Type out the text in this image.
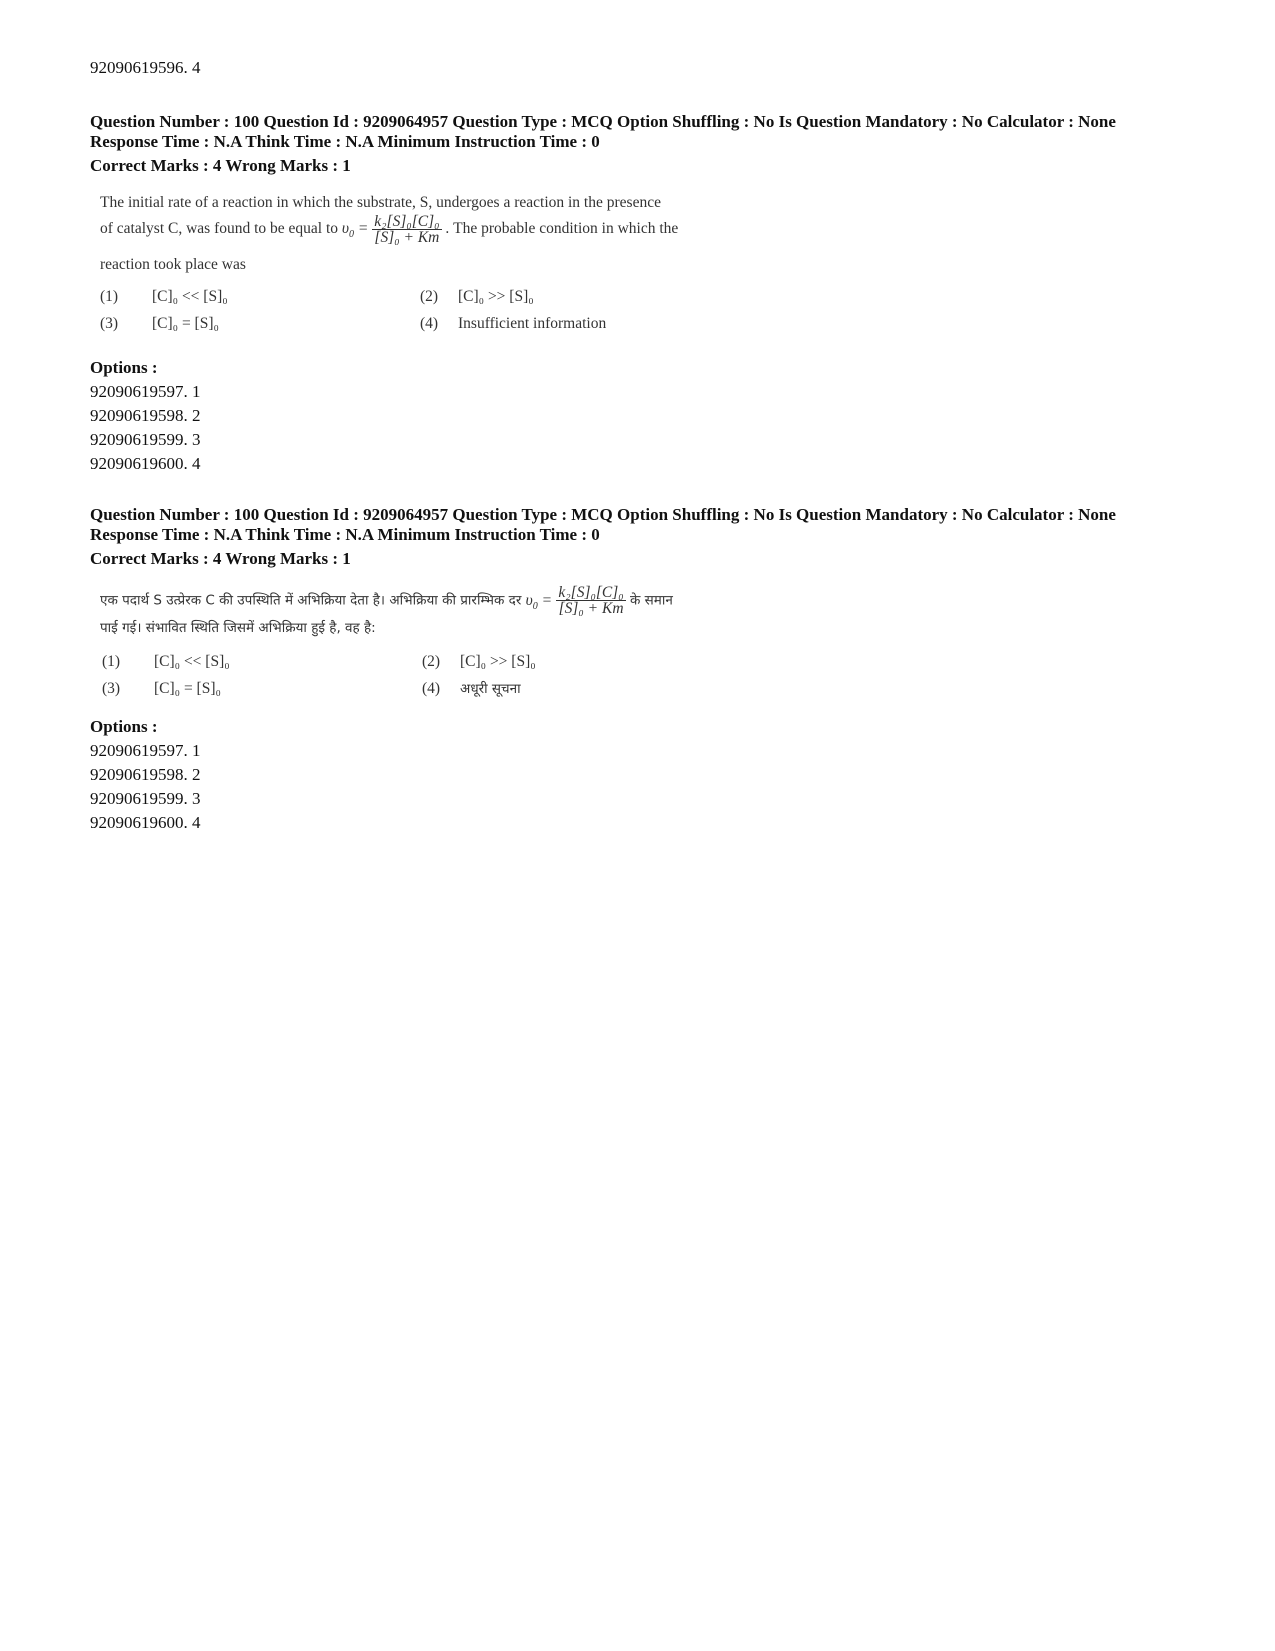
92090619596. 4
Question Number : 100 Question Id : 9209064957 Question Type : MCQ Option Shuffling : No Is Question Mandatory : No Calculator : None
Response Time : N.A Think Time : N.A Minimum Instruction Time : 0
Correct Marks : 4 Wrong Marks : 1
The initial rate of a reaction in which the substrate, S, undergoes a reaction in the presence
of catalyst C, was found to be equal to $\upsilon_0 = \frac{\text{k₂[S]₀[C]₀}}{\text{[S]₀ + Km}}$ . The probable condition in which the
reaction took place was
(1) [C]₀ << [S]₀	(2) [C]₀ >> [S]₀
(3) [C]₀ = [S]₀	(4) Insufficient information
Options :
92090619597. 1
92090619598. 2
92090619599. 3
92090619600. 4
Question Number : 100 Question Id : 9209064957 Question Type : MCQ Option Shuffling : No Is Question Mandatory : No Calculator : None
Response Time : N.A Think Time : N.A Minimum Instruction Time : 0
Correct Marks : 4 Wrong Marks : 1
एक पदार्थ S उत्प्रेरक C की उपस्थिति में अभिक्रिया देता है। अभिक्रिया की प्रारम्भिक दर $\upsilon_0 = \frac{\text{k₂[S]₀[C]₀}}{\text{[S]₀ + Km}}$ के समान
पाई गई। संभावित स्थिति जिसमें अभिक्रिया हुई है, वह है:
(1) [C]₀ << [S]₀	(2) [C]₀ >> [S]₀
(3) [C]₀ = [S]₀	(4) अधूरी सूचना
Options :
92090619597. 1
92090619598. 2
92090619599. 3
92090619600. 4
